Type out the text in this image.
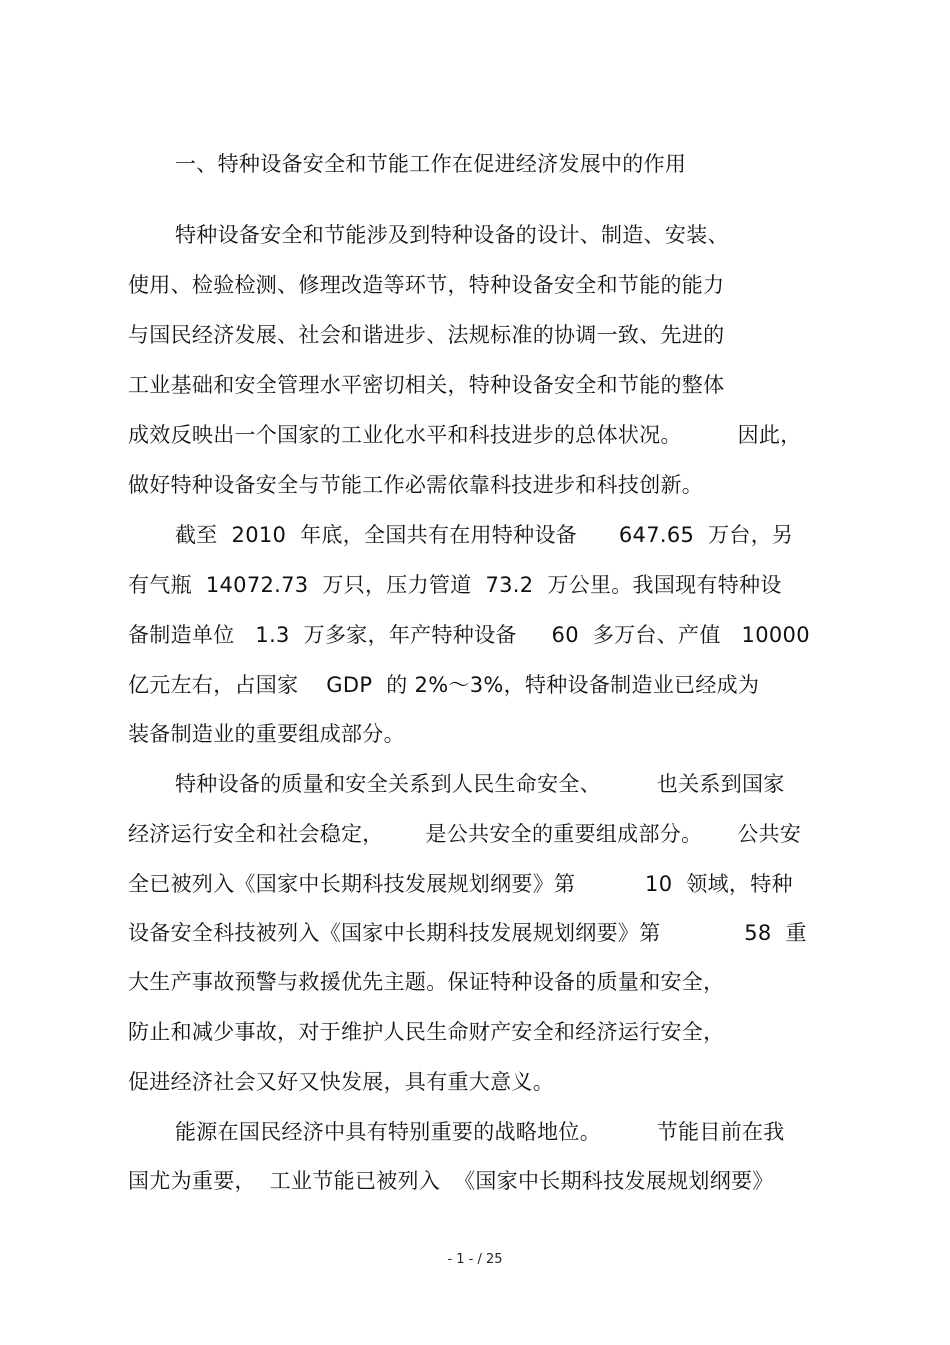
一、特种设备安全和节能工作在促进经济发展中的作用
特种设备安全和节能涉及到特种设备的设计、制造、安装、
使用、检验检测、修理改造等环节，特种设备安全和节能的能力
与国民经济发展、社会和谐进步、法规标准的协调一致、先进的
工业基础和安全管理水平密切相关，特种设备安全和节能的整体
成效反映出一个国家的工业化水平和科技进步的总体状况。        因此，
做好特种设备安全与节能工作必需依靠科技进步和科技创新。
截至  2010  年底，全国共有在用特种设备      647.65  万台，另
有气瓶  14072.73  万只，压力管道  73.2  万公里。我国现有特种设
备制造单位   1.3  万多家，年产特种设备     60  多万台、产值   10000
亿元左右，占国家    GDP  的 2%～3%，特种设备制造业已经成为
装备制造业的重要组成部分。
特种设备的质量和安全关系到人民生命安全、        也关系到国家
经济运行安全和社会稳定，      是公共安全的重要组成部分。     公共安
全已被列入《国家中长期科技发展规划纲要》第          10  领域，特种
设备安全科技被列入《国家中长期科技发展规划纲要》第            58  重
大生产事故预警与救援优先主题。保证特种设备的质量和安全，
防止和减少事故，对于维护人民生命财产安全和经济运行安全，
促进经济社会又好又快发展，具有重大意义。
能源在国民经济中具有特别重要的战略地位。        节能目前在我
国尤为重要，  工业节能已被列入  《国家中长期科技发展规划纲要》
- 1 - / 25
